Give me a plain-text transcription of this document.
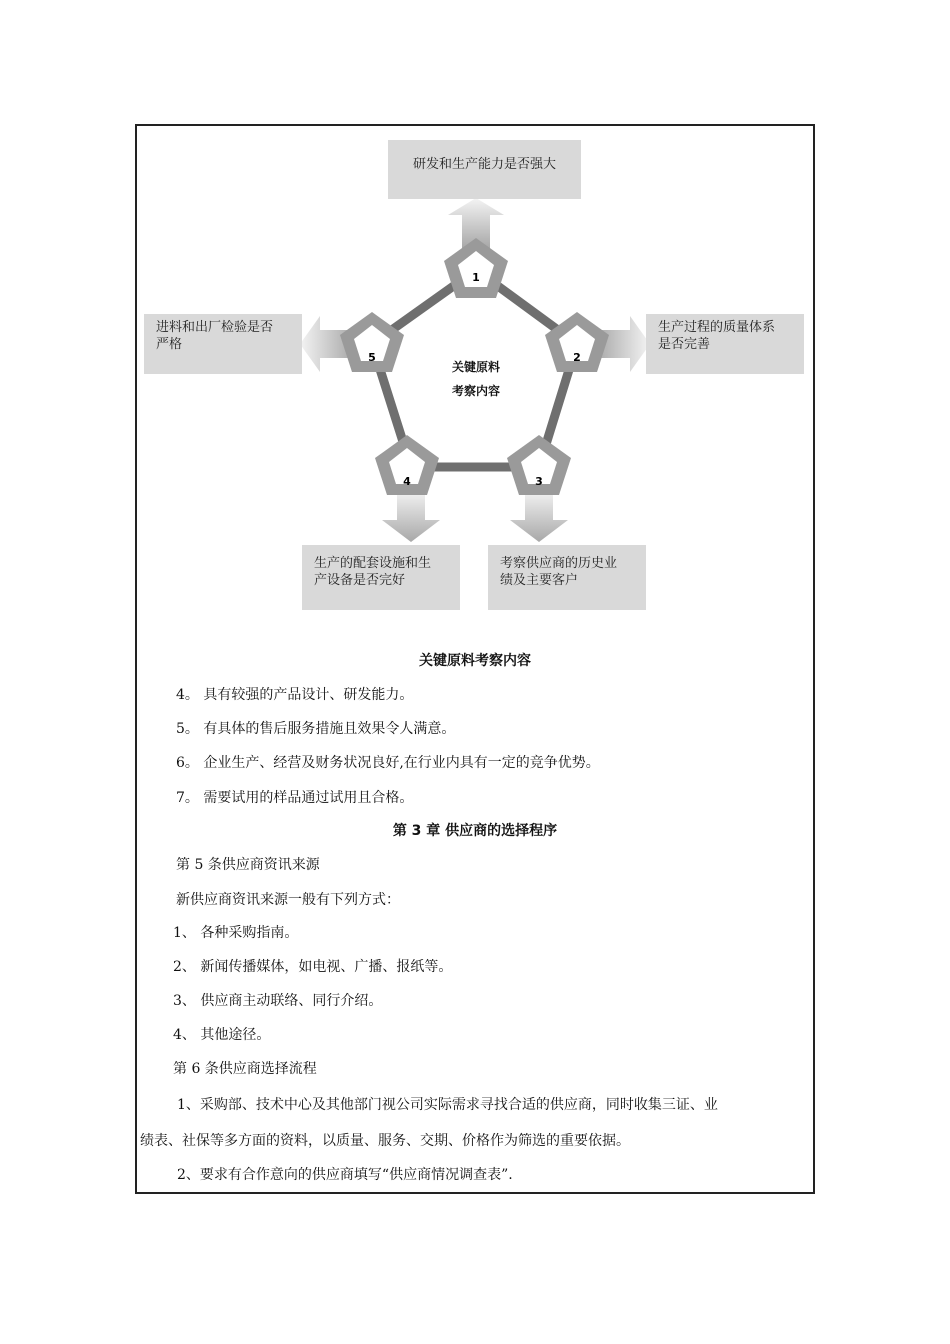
1
2
3
4
5
关键原料
考察内容
研发和生产能力是否强大
生产过程的质量体系
是否完善
考察供应商的历史业
绩及主要客户
生产的配套设施和生
产设备是否完好
进料和出厂检验是否
严格
关键原料考察内容
4。 具有较强的产品设计、研发能力。
5。 有具体的售后服务措施且效果令人满意。
6。 企业生产、经营及财务状况良好,在行业内具有一定的竞争优势。
7。 需要试用的样品通过试用且合格。
第 3 章 供应商的选择程序
第 5 条供应商资讯来源
新供应商资讯来源一般有下列方式：
1、 各种采购指南。
2、 新闻传播媒体，如电视、广播、报纸等。
3、 供应商主动联络、同行介绍。
4、 其他途径。
第 6 条供应商选择流程
1、采购部、技术中心及其他部门视公司实际需求寻找合适的供应商，同时收集三证、业
绩表、社保等多方面的资料，以质量、服务、交期、价格作为筛选的重要依据。
2、要求有合作意向的供应商填写“供应商情况调查表”.
